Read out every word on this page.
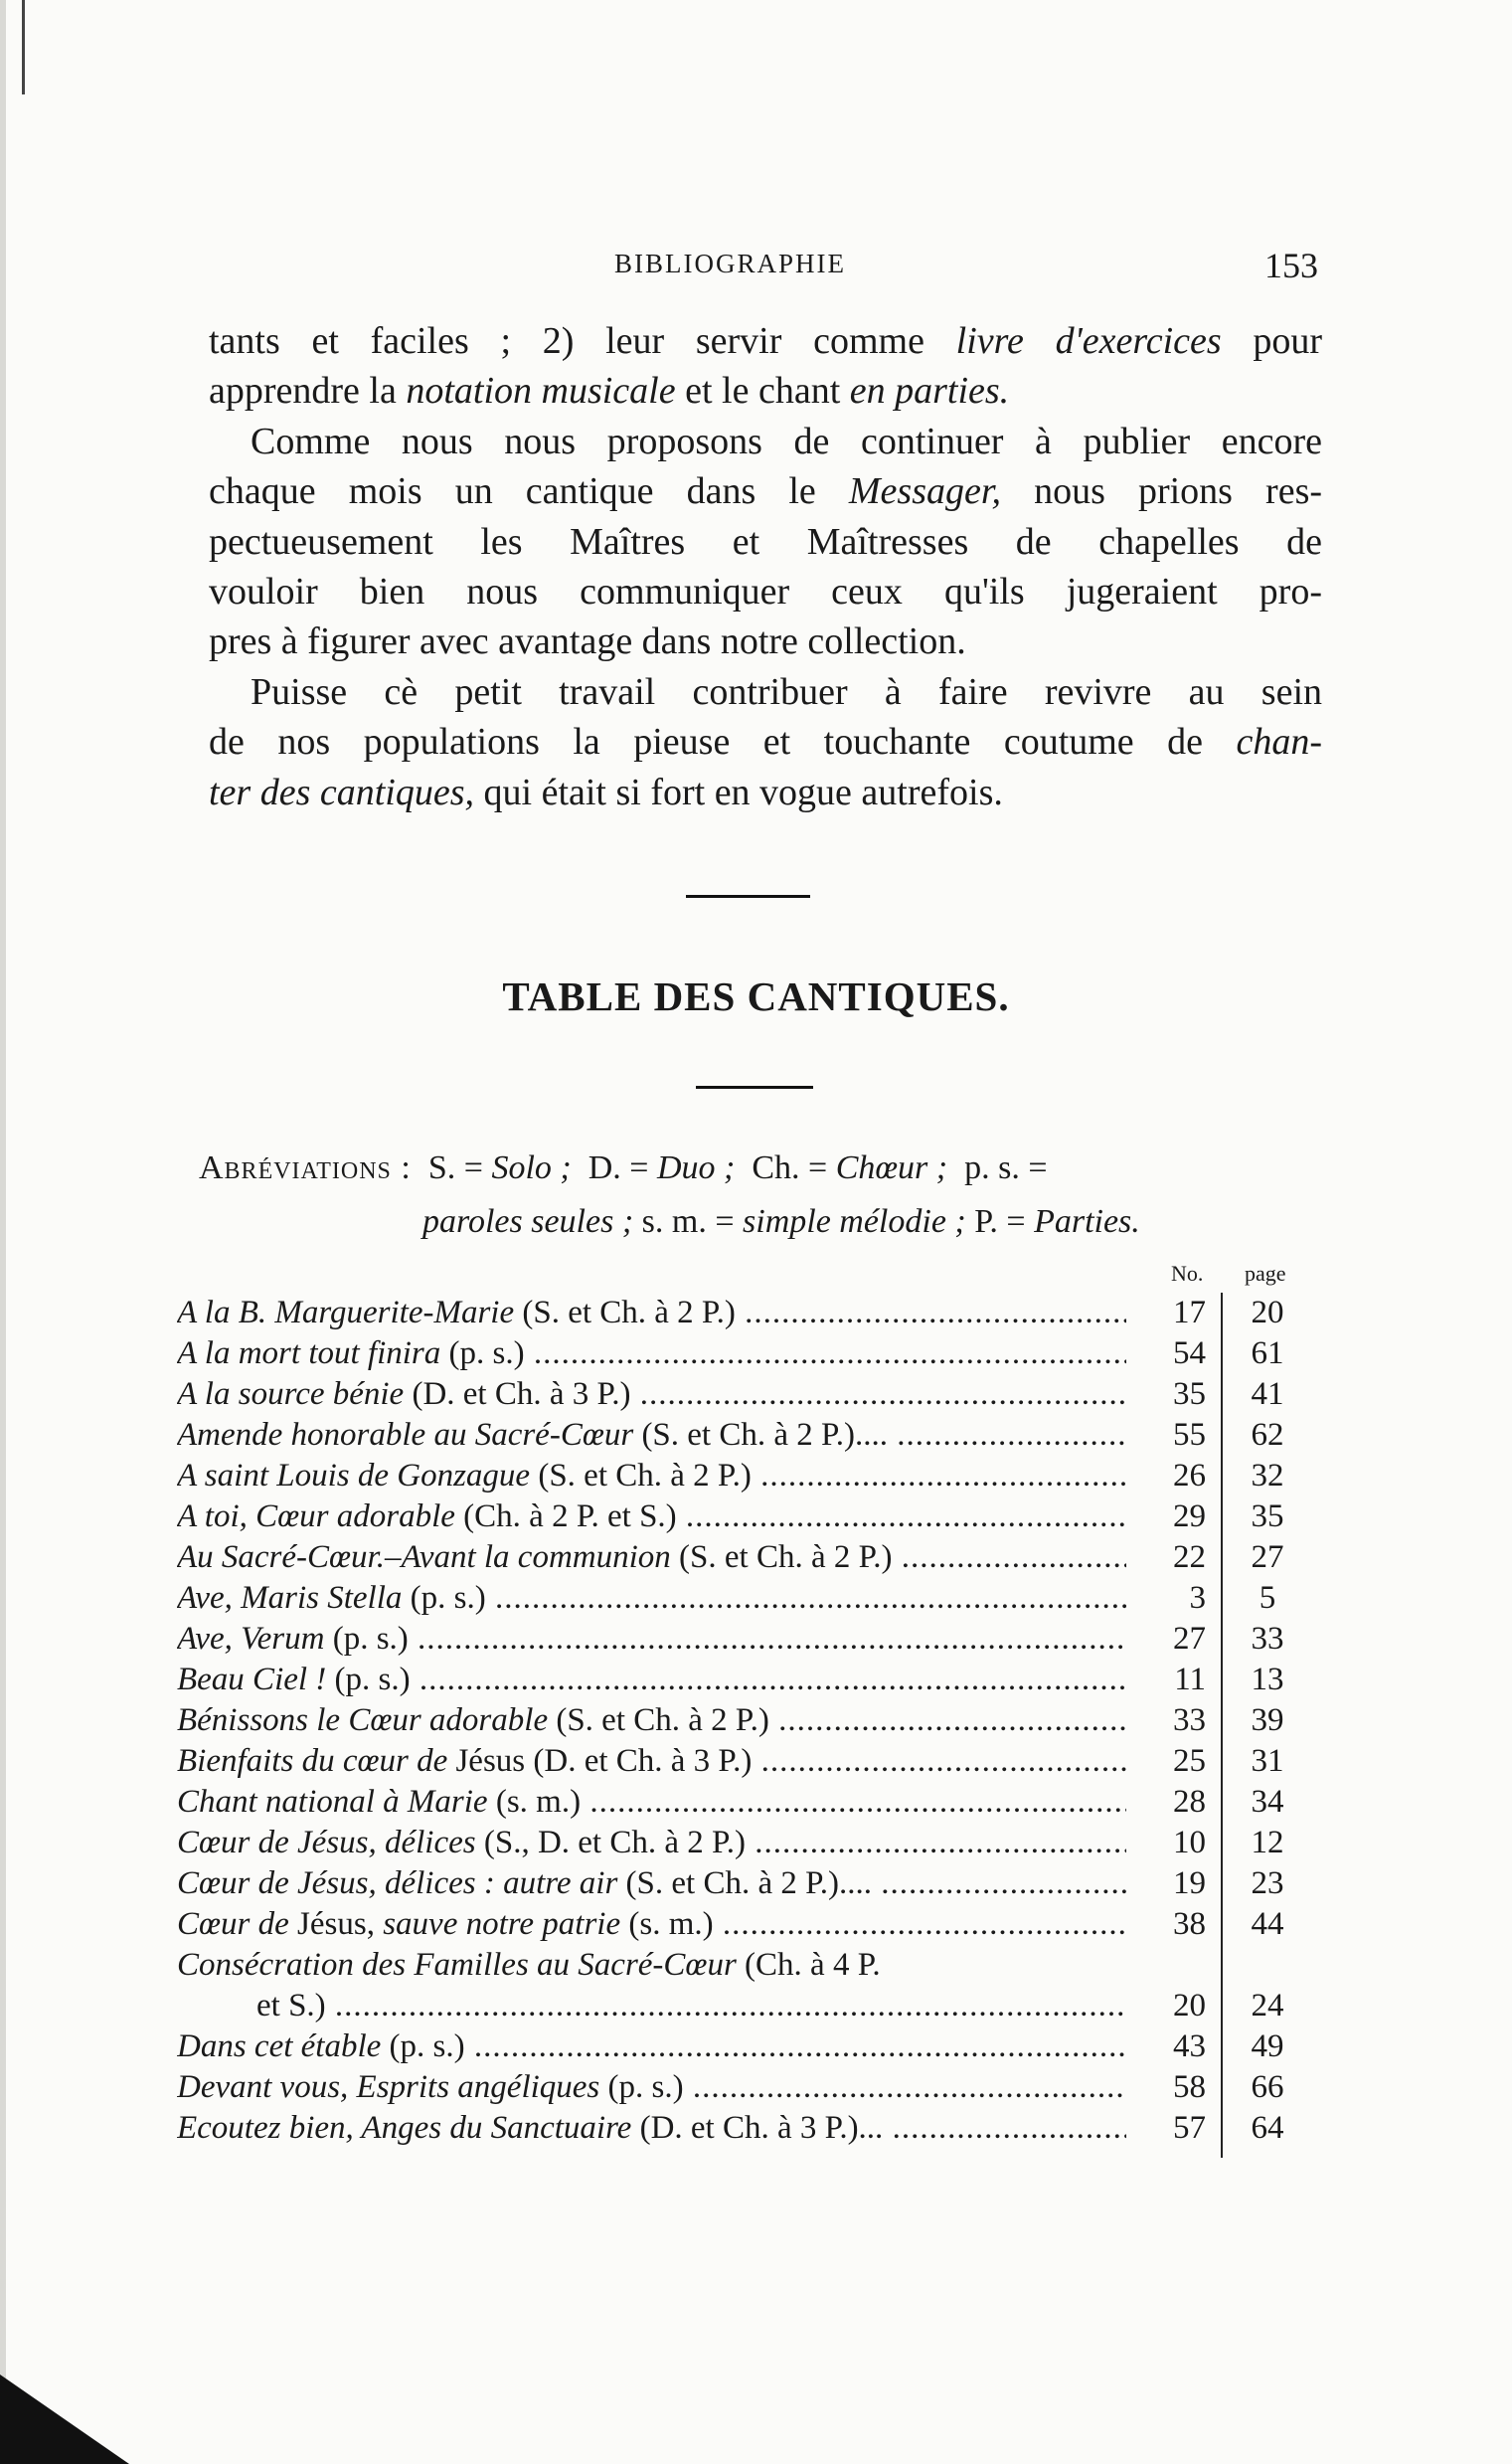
BIBLIOGRAPHIE	153
tants et faciles ; 2) leur servir comme livre d'exercices pour
apprendre la notation musicale et le chant en parties.
Comme nous nous proposons de continuer à publier encore
chaque mois un cantique dans le Messager, nous prions res-
pectueusement les Maîtres et Maîtresses de chapelles de
vouloir bien nous communiquer ceux qu'ils jugeraient pro-
pres à figurer avec avantage dans notre collection.
Puisse cè petit travail contribuer à faire revivre au sein
de nos populations la pieuse et touchante coutume de chan-
ter des cantiques, qui était si fort en vogue autrefois.
TABLE DES CANTIQUES.
Abréviations : S. = Solo ; D. = Duo ; Ch. = Chœur ; p. s. =
paroles seules ; s. m. = simple mélodie ; P. = Parties.
No. page
A la B. Marguerite-Marie (S. et Ch. à 2 P.) .....	17	20
A la mort tout finira (p. s.) .....	54	61
A la source bénie (D. et Ch. à 3 P.) .....	35	41
Amende honorable au Sacré-Cœur (S. et Ch. à 2 P.).... .....	55	62
A saint Louis de Gonzague (S. et Ch. à 2 P.) .....	26	32
A toi, Cœur adorable (Ch. à 2 P. et S.) .....	29	35
Au Sacré-Cœur.–Avant la communion (S. et Ch. à 2 P.) .....	22	27
Ave, Maris Stella (p. s.) .....	3	5
Ave, Verum (p. s.) .....	27	33
Beau Ciel ! (p. s.) .....	11	13
Bénissons le Cœur adorable (S. et Ch. à 2 P.) .....	33	39
Bienfaits du cœur de Jésus (D. et Ch. à 3 P.) .....	25	31
Chant national à Marie (s. m.) .....	28	34
Cœur de Jésus, délices (S., D. et Ch. à 2 P.) .....	10	12
Cœur de Jésus, délices : autre air (S. et Ch. à 2 P.).... .....	19	23
Cœur de Jésus, sauve notre patrie (s. m.) .....	38	44
Consécration des Familles au Sacré-Cœur (Ch. à 4 P.
et S.) .....	20	24
Dans cet étable (p. s.) .....	43	49
Devant vous, Esprits angéliques (p. s.) .....	58	66
Ecoutez bien, Anges du Sanctuaire (D. et Ch. à 3 P.)... .....	57	64
